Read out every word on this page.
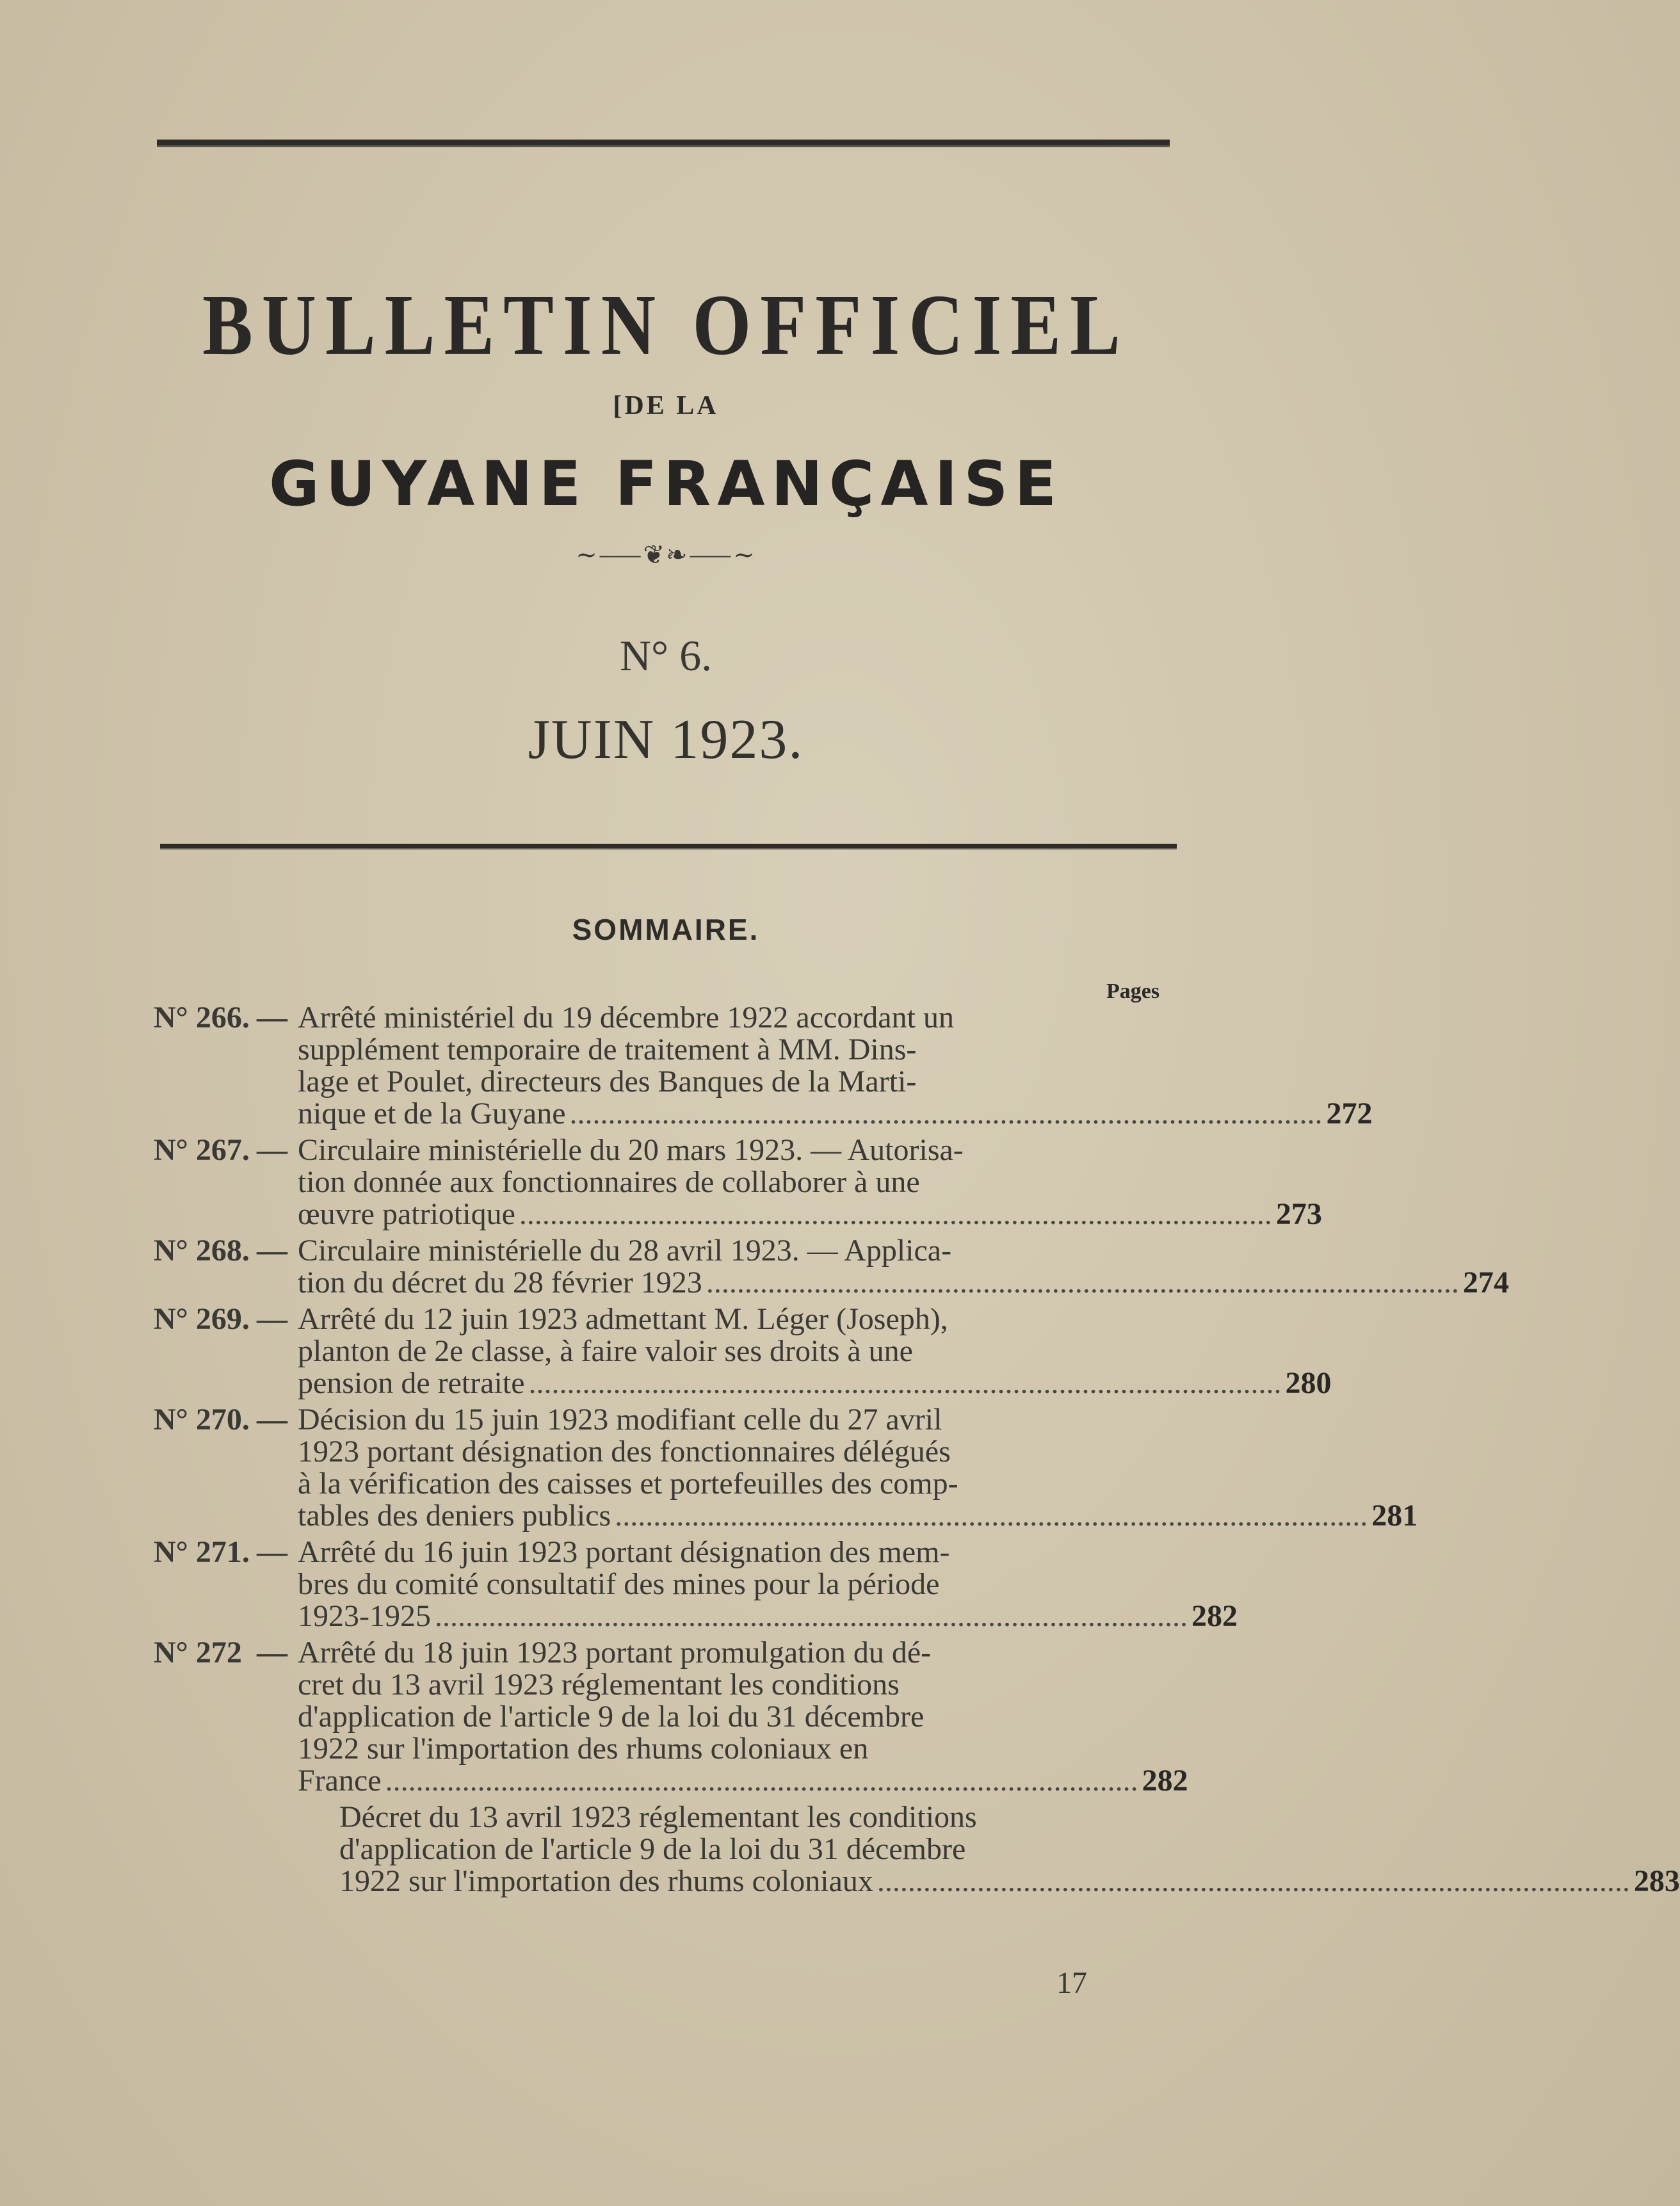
BULLETIN OFFICIEL
[DE LA
GUYANE FRANÇAISE
~⸺❦❧⸺~
N° 6.
JUIN 1923.
SOMMAIRE.
Pages
N° 266. — Arrêté ministériel du 19 décembre 1922 accordant un
supplément temporaire de traitement à MM. Dins-
lage et Poulet, directeurs des Banques de la Marti-
nique et de la Guyane .................................................................................................. 272
N° 267. — Circulaire ministérielle du 20 mars 1923. — Autorisa-
tion donnée aux fonctionnaires de collaborer à une
œuvre patriotique .................................................................................................. 273
N° 268. — Circulaire ministérielle du 28 avril 1923. — Applica-
tion du décret du 28 février 1923 .................................................................................................. 274
N° 269. — Arrêté du 12 juin 1923 admettant M. Léger (Joseph),
planton de 2e classe, à faire valoir ses droits à une
pension de retraite .................................................................................................. 280
N° 270. — Décision du 15 juin 1923 modifiant celle du 27 avril
1923 portant désignation des fonctionnaires délégués
à la vérification des caisses et portefeuilles des comp-
tables des deniers publics .................................................................................................. 281
N° 271. — Arrêté du 16 juin 1923 portant désignation des mem-
bres du comité consultatif des mines pour la période
1923-1925 .................................................................................................. 282
N° 272 — Arrêté du 18 juin 1923 portant promulgation du dé-
cret du 13 avril 1923 réglementant les conditions
d'application de l'article 9 de la loi du 31 décembre
1922 sur l'importation des rhums coloniaux en
France .................................................................................................. 282
Décret du 13 avril 1923 réglementant les conditions
d'application de l'article 9 de la loi du 31 décembre
1922 sur l'importation des rhums coloniaux .................................................................................................. 283
17
